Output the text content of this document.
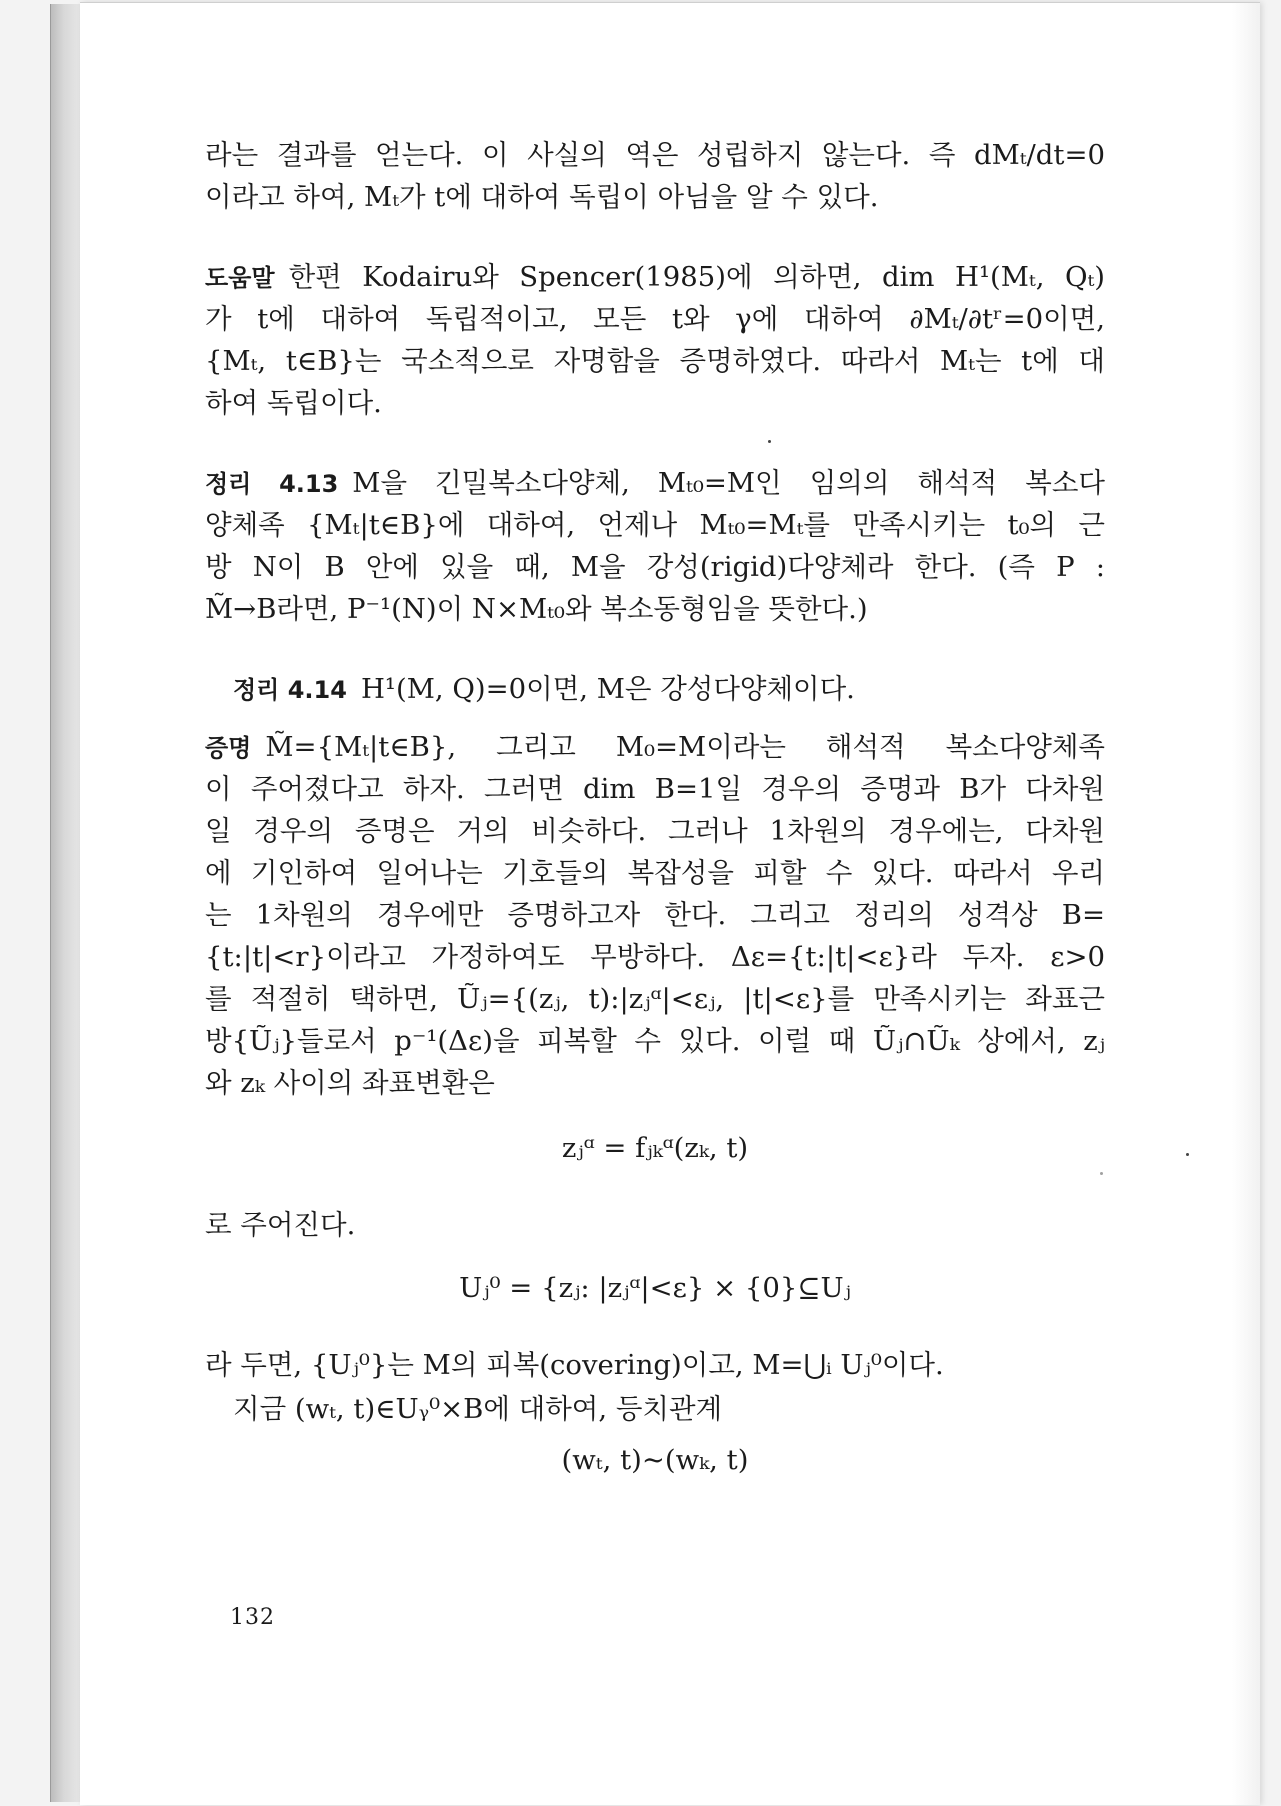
라는 결과를 얻는다. 이 사실의 역은 성립하지 않는다. 즉 dMₜ/dt=0
이라고 하여, Mₜ가 t에 대하여 독립이 아님을 알 수 있다.
도움말 한편 Kodairu와 Spencer(1985)에 의하면, dim H¹(Mₜ, Qₜ)
가 t에 대하여 독립적이고, 모든 t와 γ에 대하여 ∂Mₜ/∂tʳ=0이면,
{Mₜ, t∈B}는 국소적으로 자명함을 증명하였다. 따라서 Mₜ는 t에 대
하여 독립이다.
정리 4.13 M을 긴밀복소다양체, Mₜ₀=M인 임의의 해석적 복소다
양체족 {Mₜ|t∈B}에 대하여, 언제나 Mₜ₀=Mₜ를 만족시키는 t₀의 근
방 N이 B 안에 있을 때, M을 강성(rigid)다양체라 한다. (즉 P :
M̃→B라면, P⁻¹(N)이 N×Mₜ₀와 복소동형임을 뜻한다.)
정리 4.14 H¹(M, Q)=0이면, M은 강성다양체이다.
증명 M̃={Mₜ|t∈B}, 그리고 M₀=M이라는 해석적 복소다양체족
이 주어졌다고 하자. 그러면 dim B=1일 경우의 증명과 B가 다차원
일 경우의 증명은 거의 비슷하다. 그러나 1차원의 경우에는, 다차원
에 기인하여 일어나는 기호들의 복잡성을 피할 수 있다. 따라서 우리
는 1차원의 경우에만 증명하고자 한다. 그리고 정리의 성격상 B=
{t:|t|<r}이라고 가정하여도 무방하다. Δε={t:|t|<ε}라 두자. ε>0
를 적절히 택하면, Ũⱼ={(zⱼ, t):|zⱼᵅ|<εⱼ, |t|<ε}를 만족시키는 좌표근
방{Ũⱼ}들로서 p⁻¹(Δε)을 피복할 수 있다. 이럴 때 Ũⱼ∩Ũₖ 상에서, zⱼ
와 zₖ 사이의 좌표변환은
zⱼᵅ = fⱼₖᵅ(zₖ, t)
로 주어진다.
Uⱼ⁰ = {zⱼ: |zⱼᵅ|<ε} × {0}⊆Uⱼ
라 두면, {Uⱼ⁰}는 M의 피복(covering)이고, M=⋃ᵢ Uⱼ⁰이다.
지금 (wₜ, t)∈Uᵧ⁰×B에 대하여, 등치관계
(wₜ, t)∼(wₖ, t)
132
